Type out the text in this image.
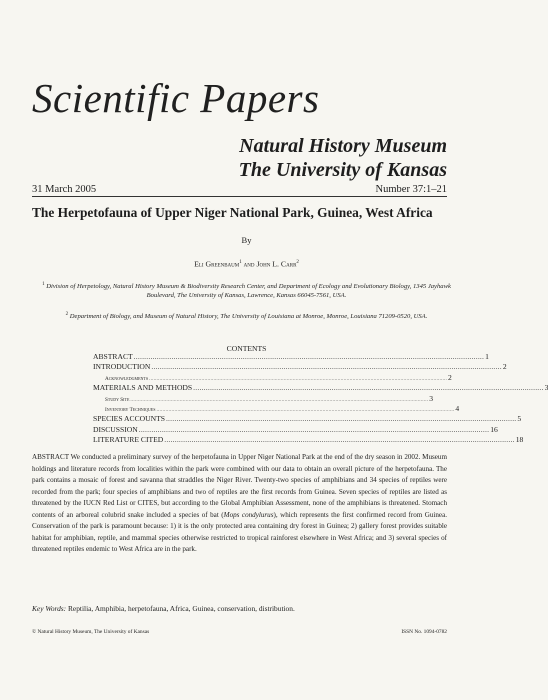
Scientific Papers
Natural History Museum
The University of Kansas
31 March 2005	Number 37:1–21
The Herpetofauna of Upper Niger National Park, Guinea, West Africa
By
Eli Greenbaum$^1$ and John L. Carr$^2$
$^1$ Division of Herpetology, Natural History Museum & Biodiversity Research Center, and Department of Ecology and Evolutionary Biology, 1345 Jayhawk Boulevard, The University of Kansas, Lawrence, Kansas 66045-7561, USA.
$^2$ Department of Biology, and Museum of Natural History, The University of Louisiana at Monroe, Monroe, Louisiana 71209-0520, USA.
CONTENTS
ABSTRACT ....................................................................................................................................................................... 1
INTRODUCTION ....................................................................................................................................................................... 2
Acknowledgments ....................................................................................................................................................................................................... 2
MATERIALS AND METHODS ....................................................................................................................................................................... 3
Study Site ....................................................................................................................................................................................................... 3
Inventory Techniques ....................................................................................................................................................................................................... 4
SPECIES ACCOUNTS ....................................................................................................................................................................... 5
DISCUSSION ....................................................................................................................................................................... 16
LITERATURE CITED ....................................................................................................................................................................... 18
ABSTRACT We conducted a preliminary survey of the herpetofauna in Upper Niger National Park at the end of the dry season in 2002. Museum holdings and literature records from localities within the park were combined with our data to obtain an overall picture of the herpetofauna. The park contains a mosaic of forest and savanna that straddles the Niger River. Twenty-two species of amphibians and 34 species of reptiles were recorded from the park; four species of amphibians and two of reptiles are the first records from Guinea. Seven species of reptiles are listed as threatened by the IUCN Red List or CITES, but according to the Global Amphibian Assessment, none of the amphibians is threatened. Stomach contents of an arboreal colubrid snake included a species of bat (Mops condylurus), which represents the first confirmed record from Guinea. Conservation of the park is paramount because: 1) it is the only protected area containing dry forest in Guinea; 2) gallery forest provides suitable habitat for amphibian, reptile, and mammal species otherwise restricted to tropical rainforest elsewhere in West Africa; and 3) several species of threatened reptiles endemic to West Africa are in the park.
Key Words: Reptilia, Amphibia, herpetofauna, Africa, Guinea, conservation, distribution.
© Natural History Museum, The University of Kansas	ISSN No. 1094-0782
